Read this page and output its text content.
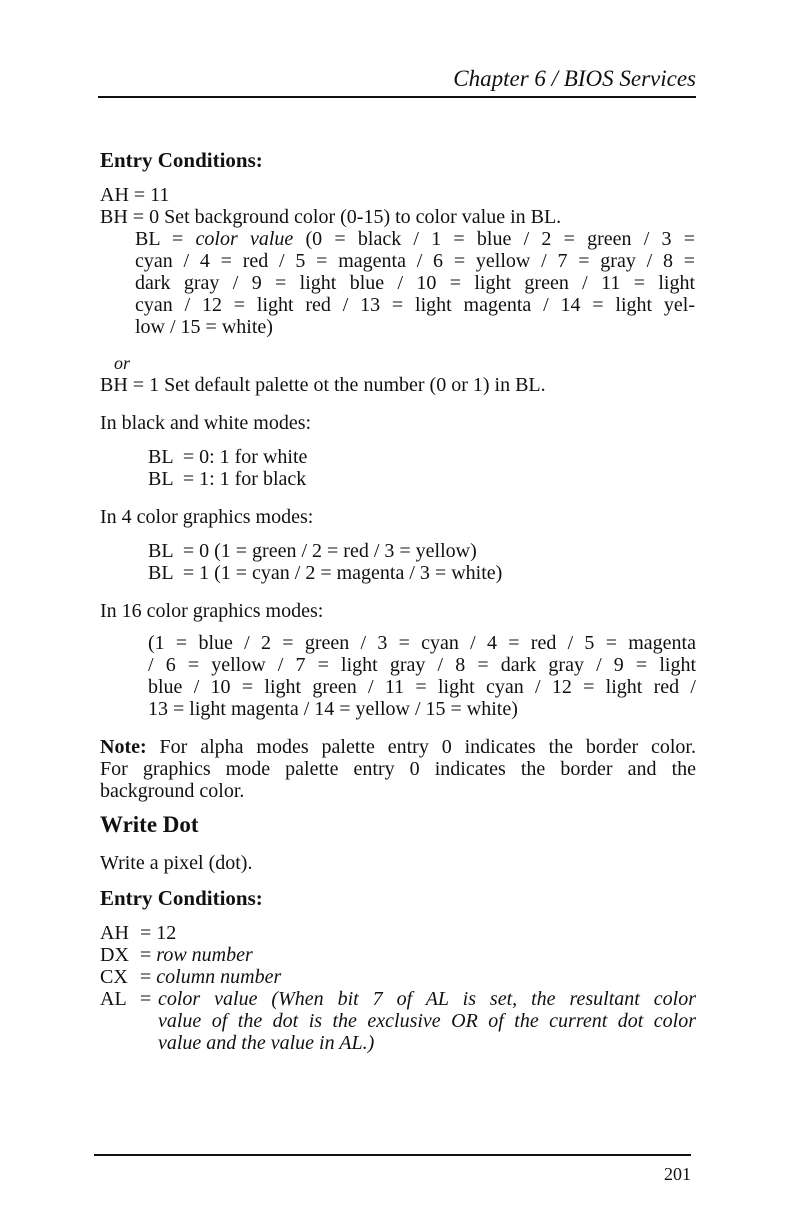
Chapter 6 / BIOS Services
Entry Conditions:
AH = 11
BH = 0 Set background color (0-15) to color value in BL.
BL = color value (0 = black / 1 = blue / 2 = green / 3 =
cyan / 4 = red / 5 = magenta / 6 = yellow / 7 = gray / 8 =
dark gray / 9 = light blue / 10 = light green / 11 = light
cyan / 12 = light red / 13 = light magenta / 14 = light yel-
low / 15 = white)
or
BH = 1 Set default palette ot the number (0 or 1) in BL.
In black and white modes:
BL  = 0: 1 for white
BL  = 1: 1 for black
In 4 color graphics modes:
BL  = 0 (1 = green / 2 = red / 3 = yellow)
BL  = 1 (1 = cyan / 2 = magenta / 3 = white)
In 16 color graphics modes:
(1 = blue / 2 = green / 3 = cyan / 4 = red / 5 = magenta
/ 6 = yellow / 7 = light gray / 8 = dark gray / 9 = light
blue / 10 = light green / 11 = light cyan / 12 = light red /
13 = light magenta / 14 = yellow / 15 = white)
Note: For alpha modes palette entry 0 indicates the border color.
For graphics mode palette entry 0 indicates the border and the
background color.
Write Dot
Write a pixel (dot).
Entry Conditions:
AH = 12
DX = row number
CX = column number
AL = color value (When bit 7 of AL is set, the resultant color
value of the dot is the exclusive OR of the current dot color
value and the value in AL.)
201
